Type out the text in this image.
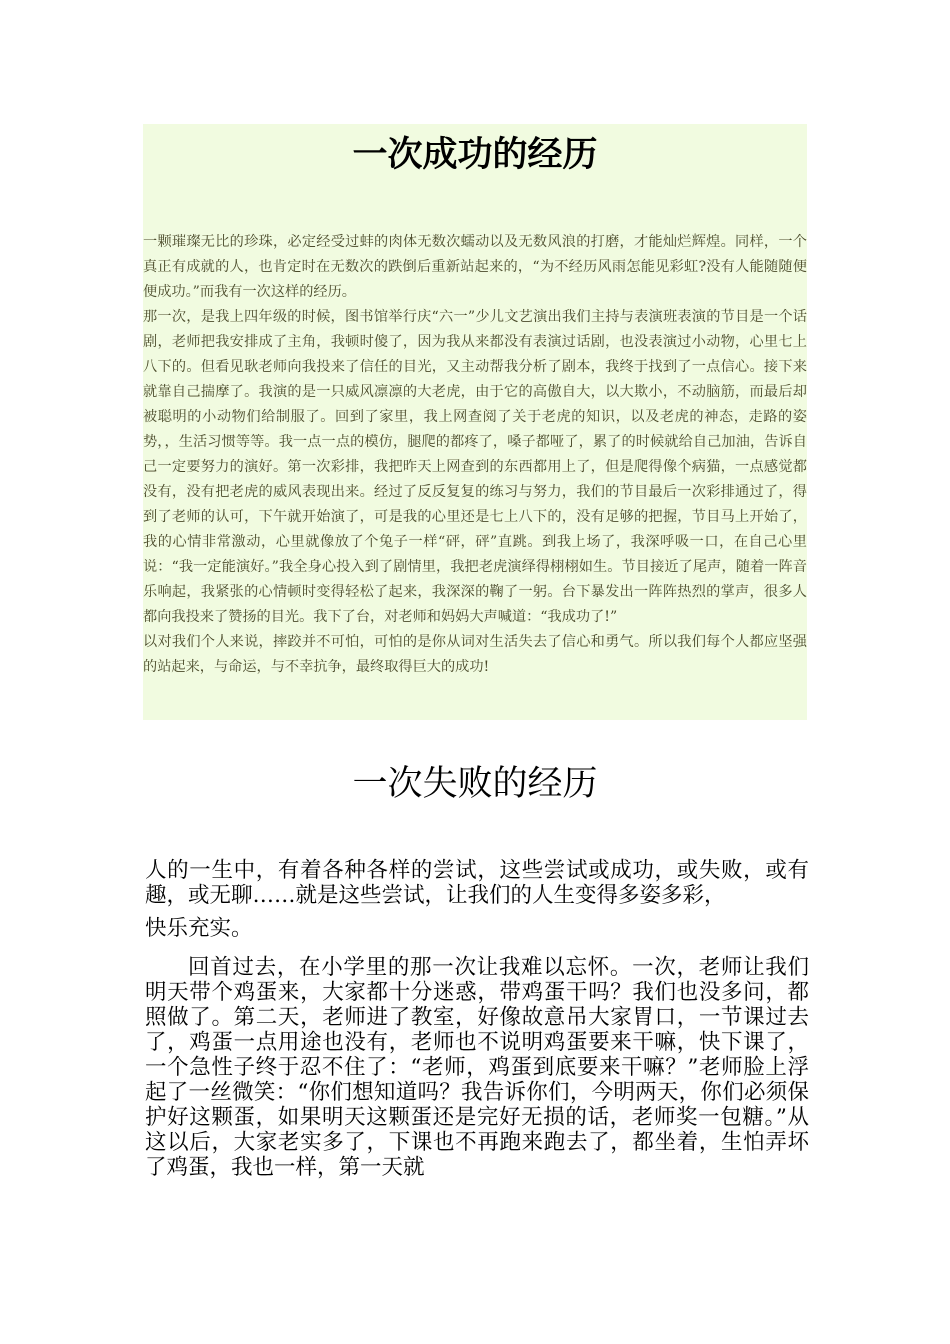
一次成功的经历

一颗璀璨无比的珍珠，必定经受过蚌的肉体无数次蠕动以及无数风浪的打磨，才能灿烂辉煌。同样，一个真正有成就的人，也肯定时在无数次的跌倒后重新站起来的，“为不经历风雨怎能见彩虹?没有人能随随便便成功。”而我有一次这样的经历。

那一次，是我上四年级的时候，图书馆举行庆“六一”少儿文艺演出我们主持与表演班表演的节目是一个话剧，老师把我安排成了主角，我顿时傻了，因为我从来都没有表演过话剧，也没表演过小动物，心里七上八下的。但看见耿老师向我投来了信任的目光，又主动帮我分析了剧本，我终于找到了一点信心。接下来就靠自己揣摩了。我演的是一只威风凛凛的大老虎，由于它的高傲自大，以大欺小，不动脑筋，而最后却被聪明的小动物们给制服了。回到了家里，我上网查阅了关于老虎的知识，以及老虎的神态，走路的姿势，，生活习惯等等。我一点一点的模仿，腿爬的都疼了，嗓子都哑了，累了的时候就给自己加油，告诉自己一定要努力的演好。第一次彩排，我把昨天上网查到的东西都用上了，但是爬得像个病猫，一点感觉都没有，没有把老虎的威风表现出来。经过了反反复复的练习与努力，我们的节目最后一次彩排通过了，得到了老师的认可，下午就开始演了，可是我的心里还是七上八下的，没有足够的把握，节目马上开始了，我的心情非常激动，心里就像放了个兔子一样“砰，砰”直跳。到我上场了，我深呼吸一口，在自己心里说：“我一定能演好。”我全身心投入到了剧情里，我把老虎演绎得栩栩如生。节目接近了尾声，随着一阵音乐响起，我紧张的心情顿时变得轻松了起来，我深深的鞠了一躬。台下暴发出一阵阵热烈的掌声，很多人都向我投来了赞扬的目光。我下了台，对老师和妈妈大声喊道：“我成功了!”

以对我们个人来说，摔跤并不可怕，可怕的是你从词对生活失去了信心和勇气。所以我们每个人都应坚强的站起来，与命运，与不幸抗争，最终取得巨大的成功!

一次失败的经历

人的一生中，有着各种各样的尝试，这些尝试或成功，或失败，或有趣，或无聊……就是这些尝试，让我们的人生变得多姿多彩，

快乐充实。

回首过去，在小学里的那一次让我难以忘怀。一次，老师让我们明天带个鸡蛋来，大家都十分迷惑，带鸡蛋干吗？我们也没多问，都照做了。第二天，老师进了教室，好像故意吊大家胃口，一节课过去了，鸡蛋一点用途也没有，老师也不说明鸡蛋要来干嘛，快下课了，一个急性子终于忍不住了：“老师，鸡蛋到底要来干嘛？”老师脸上浮起了一丝微笑：“你们想知道吗？我告诉你们，今明两天，你们必须保护好这颗蛋，如果明天这颗蛋还是完好无损的话，老师奖一包糖。”从这以后，大家老实多了，下课也不再跑来跑去了，都坐着，生怕弄坏了鸡蛋，我也一样，第一天就
